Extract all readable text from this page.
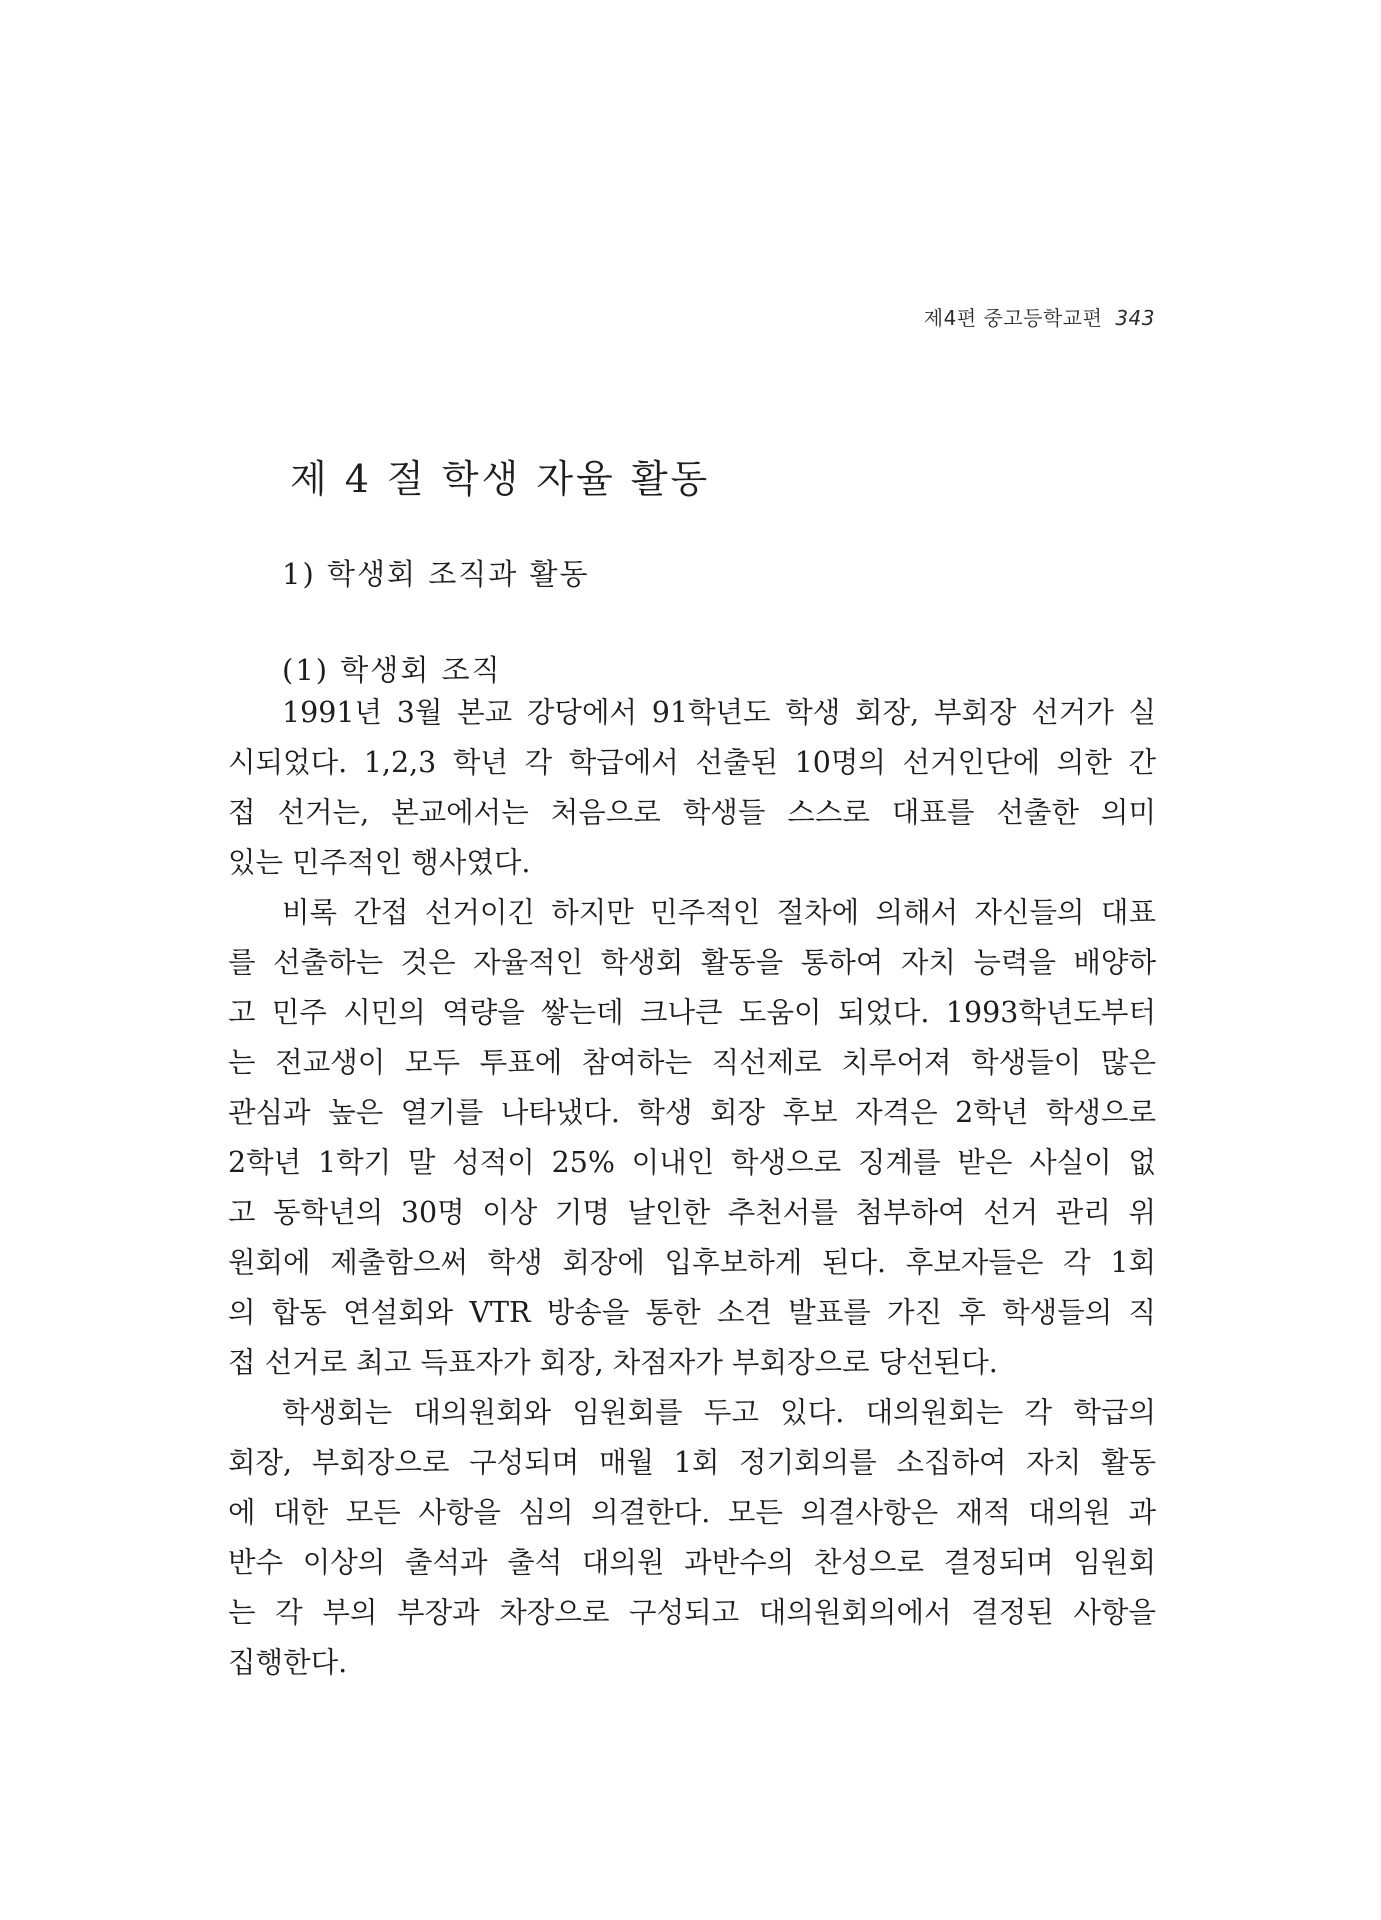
제4편 중고등학교편 343
제 4 절 학생 자율 활동
1) 학생회 조직과 활동
(1) 학생회 조직
1991년 3월 본교 강당에서 91학년도 학생 회장, 부회장 선거가 실
시되었다. 1,2,3 학년 각 학급에서 선출된 10명의 선거인단에 의한 간
접 선거는, 본교에서는 처음으로 학생들 스스로 대표를 선출한 의미
있는 민주적인 행사였다.
비록 간접 선거이긴 하지만 민주적인 절차에 의해서 자신들의 대표
를 선출하는 것은 자율적인 학생회 활동을 통하여 자치 능력을 배양하
고 민주 시민의 역량을 쌓는데 크나큰 도움이 되었다. 1993학년도부터
는 전교생이 모두 투표에 참여하는 직선제로 치루어져 학생들이 많은
관심과 높은 열기를 나타냈다. 학생 회장 후보 자격은 2학년 학생으로
2학년 1학기 말 성적이 25% 이내인 학생으로 징계를 받은 사실이 없
고 동학년의 30명 이상 기명 날인한 추천서를 첨부하여 선거 관리 위
원회에 제출함으써 학생 회장에 입후보하게 된다. 후보자들은 각 1회
의 합동 연설회와 VTR 방송을 통한 소견 발표를 가진 후 학생들의 직
접 선거로 최고 득표자가 회장, 차점자가 부회장으로 당선된다.
학생회는 대의원회와 임원회를 두고 있다. 대의원회는 각 학급의
회장, 부회장으로 구성되며 매월 1회 정기회의를 소집하여 자치 활동
에 대한 모든 사항을 심의 의결한다. 모든 의결사항은 재적 대의원 과
반수 이상의 출석과 출석 대의원 과반수의 찬성으로 결정되며 임원회
는 각 부의 부장과 차장으로 구성되고 대의원회의에서 결정된 사항을
집행한다.
